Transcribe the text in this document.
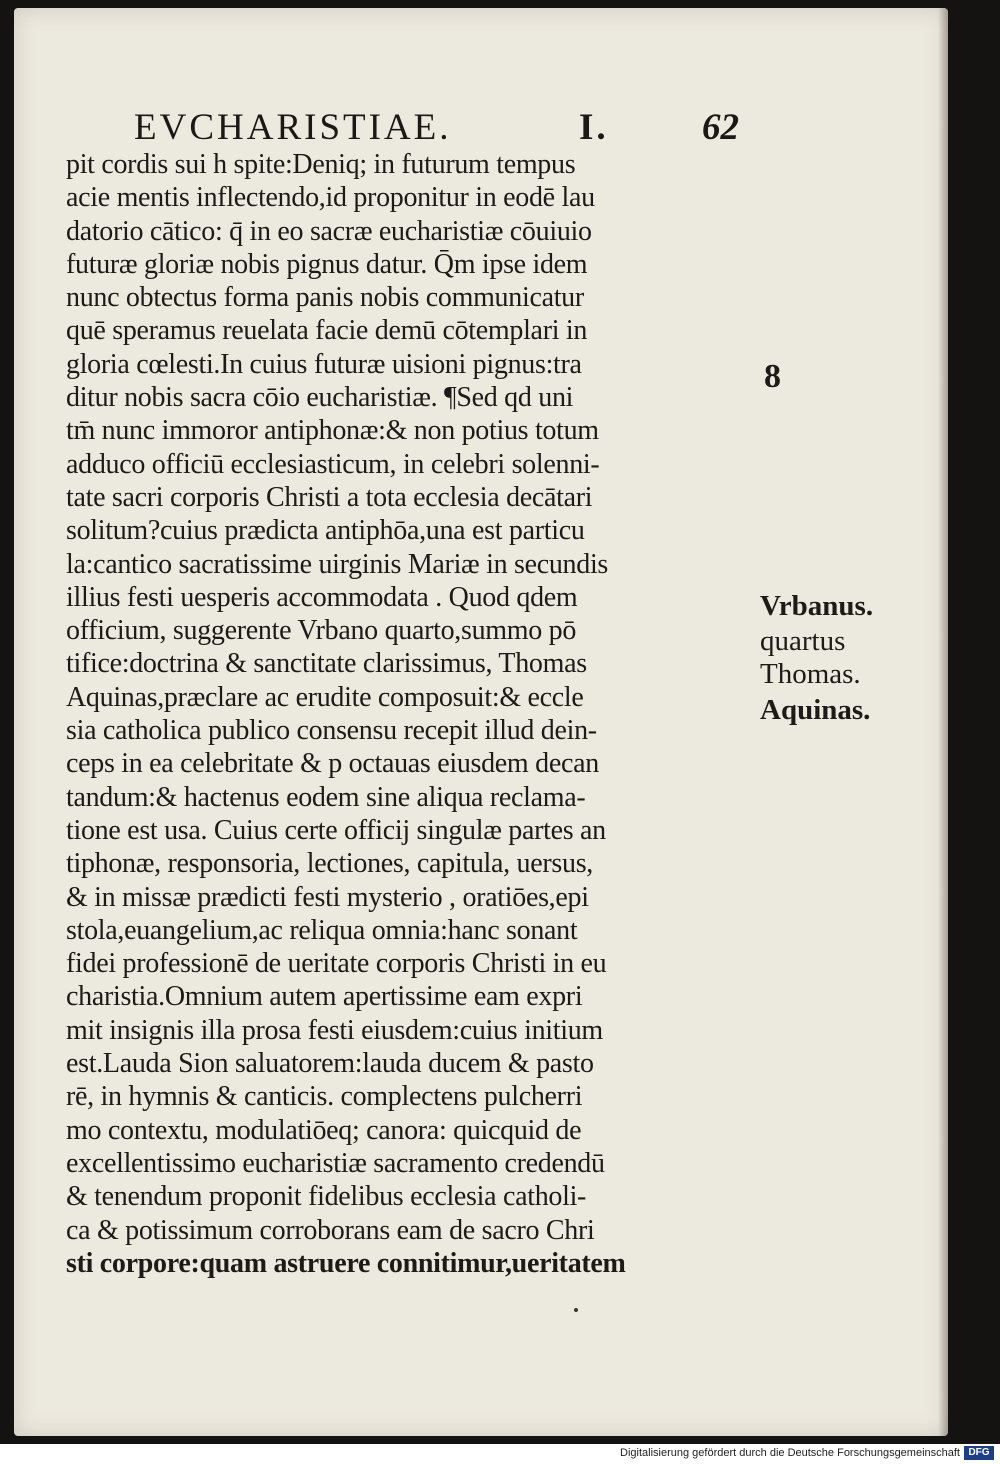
EVCHARISTIAE.	I.	62
pit cordis sui h spite:Deniq; in futurum tempus
acie mentis inflectendo,id proponitur in eodē lau
datorio cātico: q̄ in eo sacræ eucharistiæ cōuiuio
futuræ gloriæ nobis pignus datur. Q̄m ipse idem
nunc obtectus forma panis nobis communicatur
quē speramus reuelata facie demū cōtemplari in
gloria cœlesti.In cuius futuræ uisioni pignus:tra
ditur nobis sacra cōio eucharistiæ. ¶Sed qd uni
tm̄ nunc immoror antiphonæ:& non potius totum
adduco officiū ecclesiasticum, in celebri solenni-
tate sacri corporis Christi a tota ecclesia decātari
solitum?cuius prædicta antiphōa,una est particu
la:cantico sacratissime uirginis Mariæ in secundis
illius festi uesperis accommodata . Quod qdem
officium, suggerente Vrbano quarto,summo pō
tifice:doctrina & sanctitate clarissimus, Thomas
Aquinas,præclare ac erudite composuit:& eccle
sia catholica publico consensu recepit illud dein-
ceps in ea celebritate & p octauas eiusdem decan
tandum:& hactenus eodem sine aliqua reclama-
tione est usa. Cuius certe officij singulæ partes an
tiphonæ, responsoria, lectiones, capitula, uersus,
& in missæ prædicti festi mysterio , oratiōes,epi
stola,euangelium,ac reliqua omnia:hanc sonant
fidei professionē de ueritate corporis Christi in eu
charistia.Omnium autem apertissime eam expri
mit insignis illa prosa festi eiusdem:cuius initium
est.Lauda Sion saluatorem:lauda ducem & pasto
rē, in hymnis & canticis. complectens pulcherri
mo contextu, modulatiōeq; canora: quicquid de
excellentissimo eucharistiæ sacramento credendū
& tenendum proponit fidelibus ecclesia catholi-
ca & potissimum corroborans eam de sacro Chri
sti corpore:quam astruere connitimur,ueritatem
8
Vrbanus.
quartus
Thomas.
Aquinas.
Digitalisierung gefördert durch die Deutsche Forschungsgemeinschaft DFG
